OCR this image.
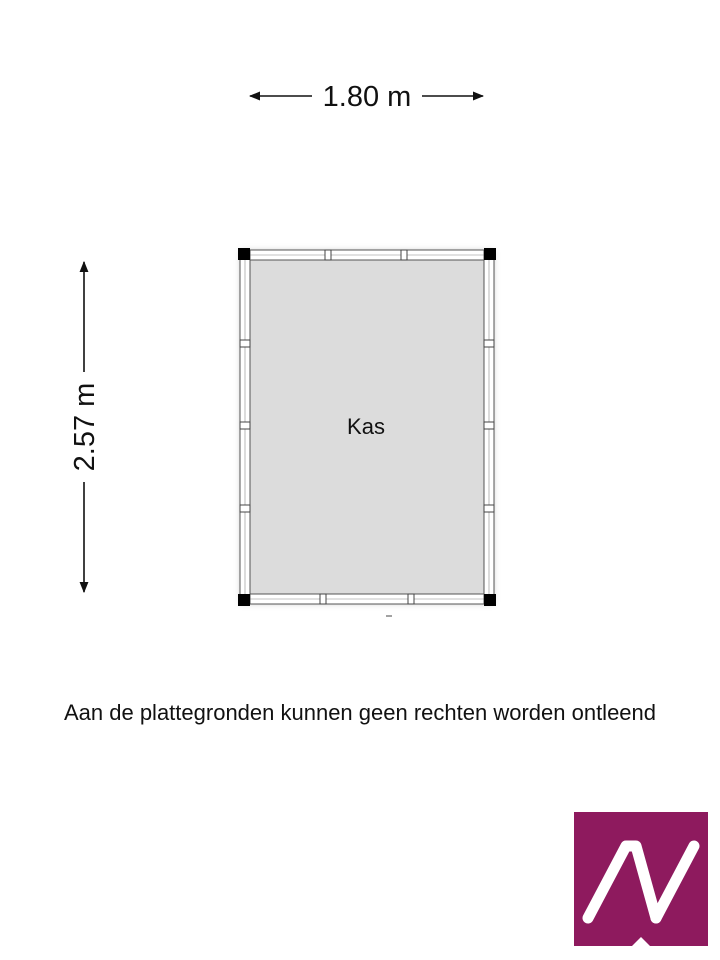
1.80 m
2.57 m	Kas
Aan de plattegronden kunnen geen rechten worden ontleend
